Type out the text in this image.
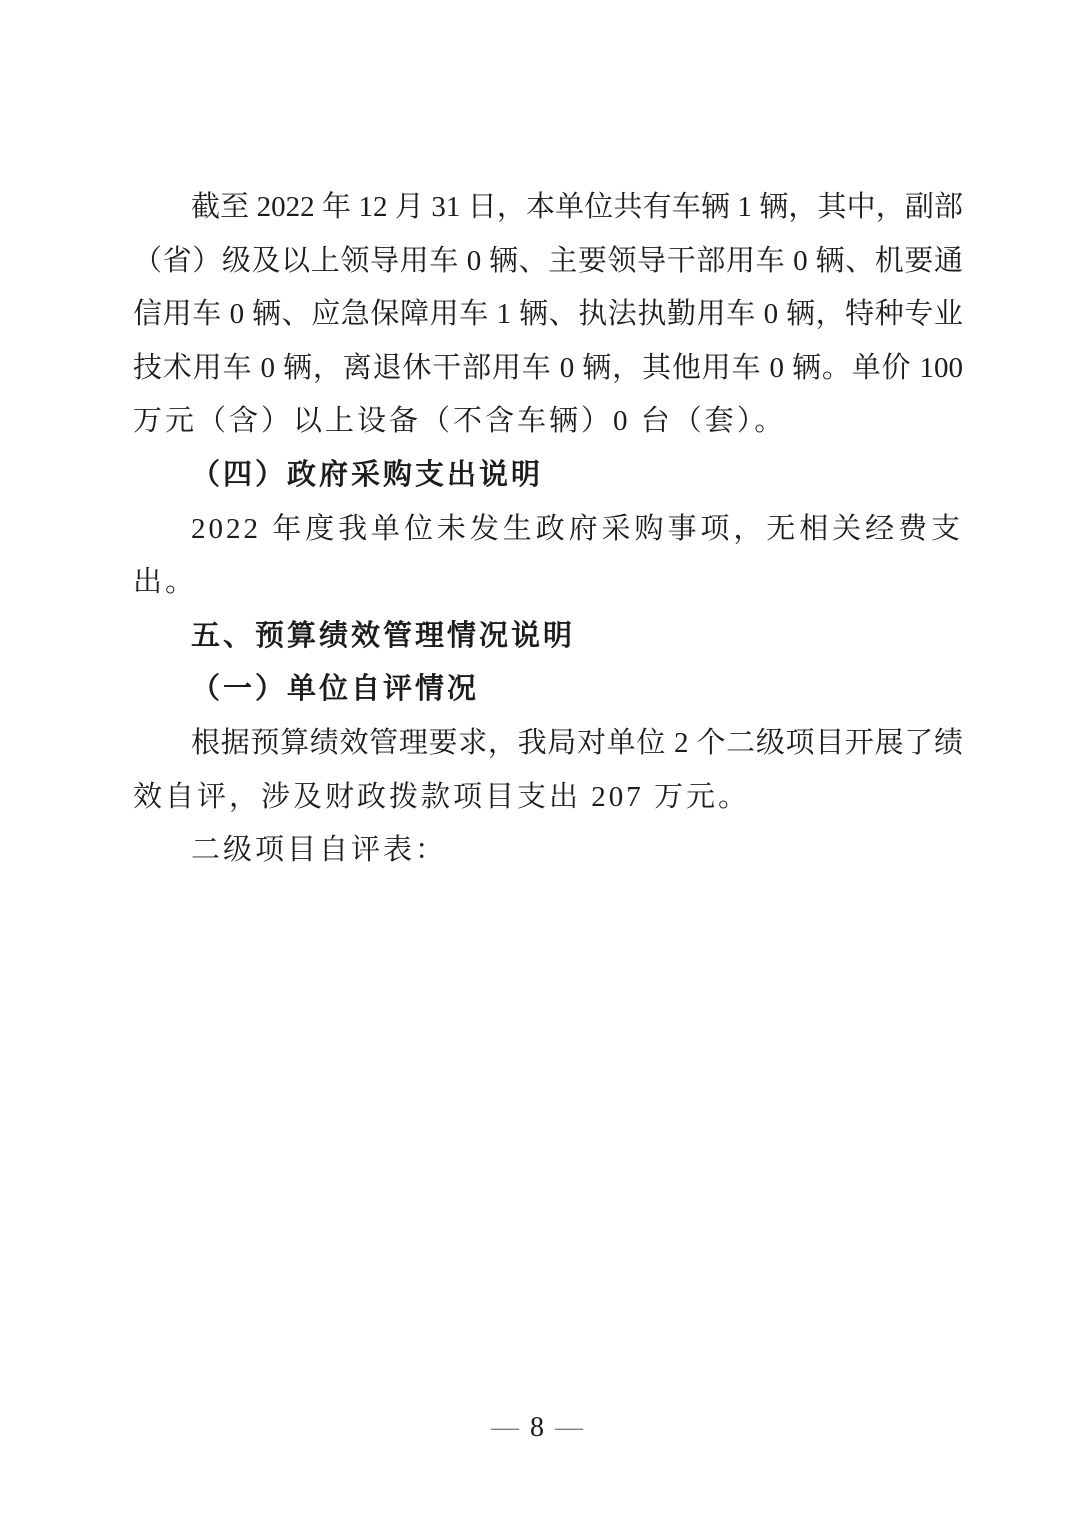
截至 2022 年 12 月 31 日，本单位共有车辆 1 辆，其中，副部
（省）级及以上领导用车 0 辆、主要领导干部用车 0 辆、机要通
信用车 0 辆、应急保障用车 1 辆、执法执勤用车 0 辆，特种专业
技术用车 0 辆，离退休干部用车 0 辆，其他用车 0 辆。单价 100
万元（含）以上设备（不含车辆）0 台（套）。
（四）政府采购支出说明
2022 年度我单位未发生政府采购事项，无相关经费支出。
五、预算绩效管理情况说明
（一）单位自评情况
根据预算绩效管理要求，我局对单位 2 个二级项目开展了绩
效自评，涉及财政拨款项目支出 207 万元。
二级项目自评表：
— 8 —
